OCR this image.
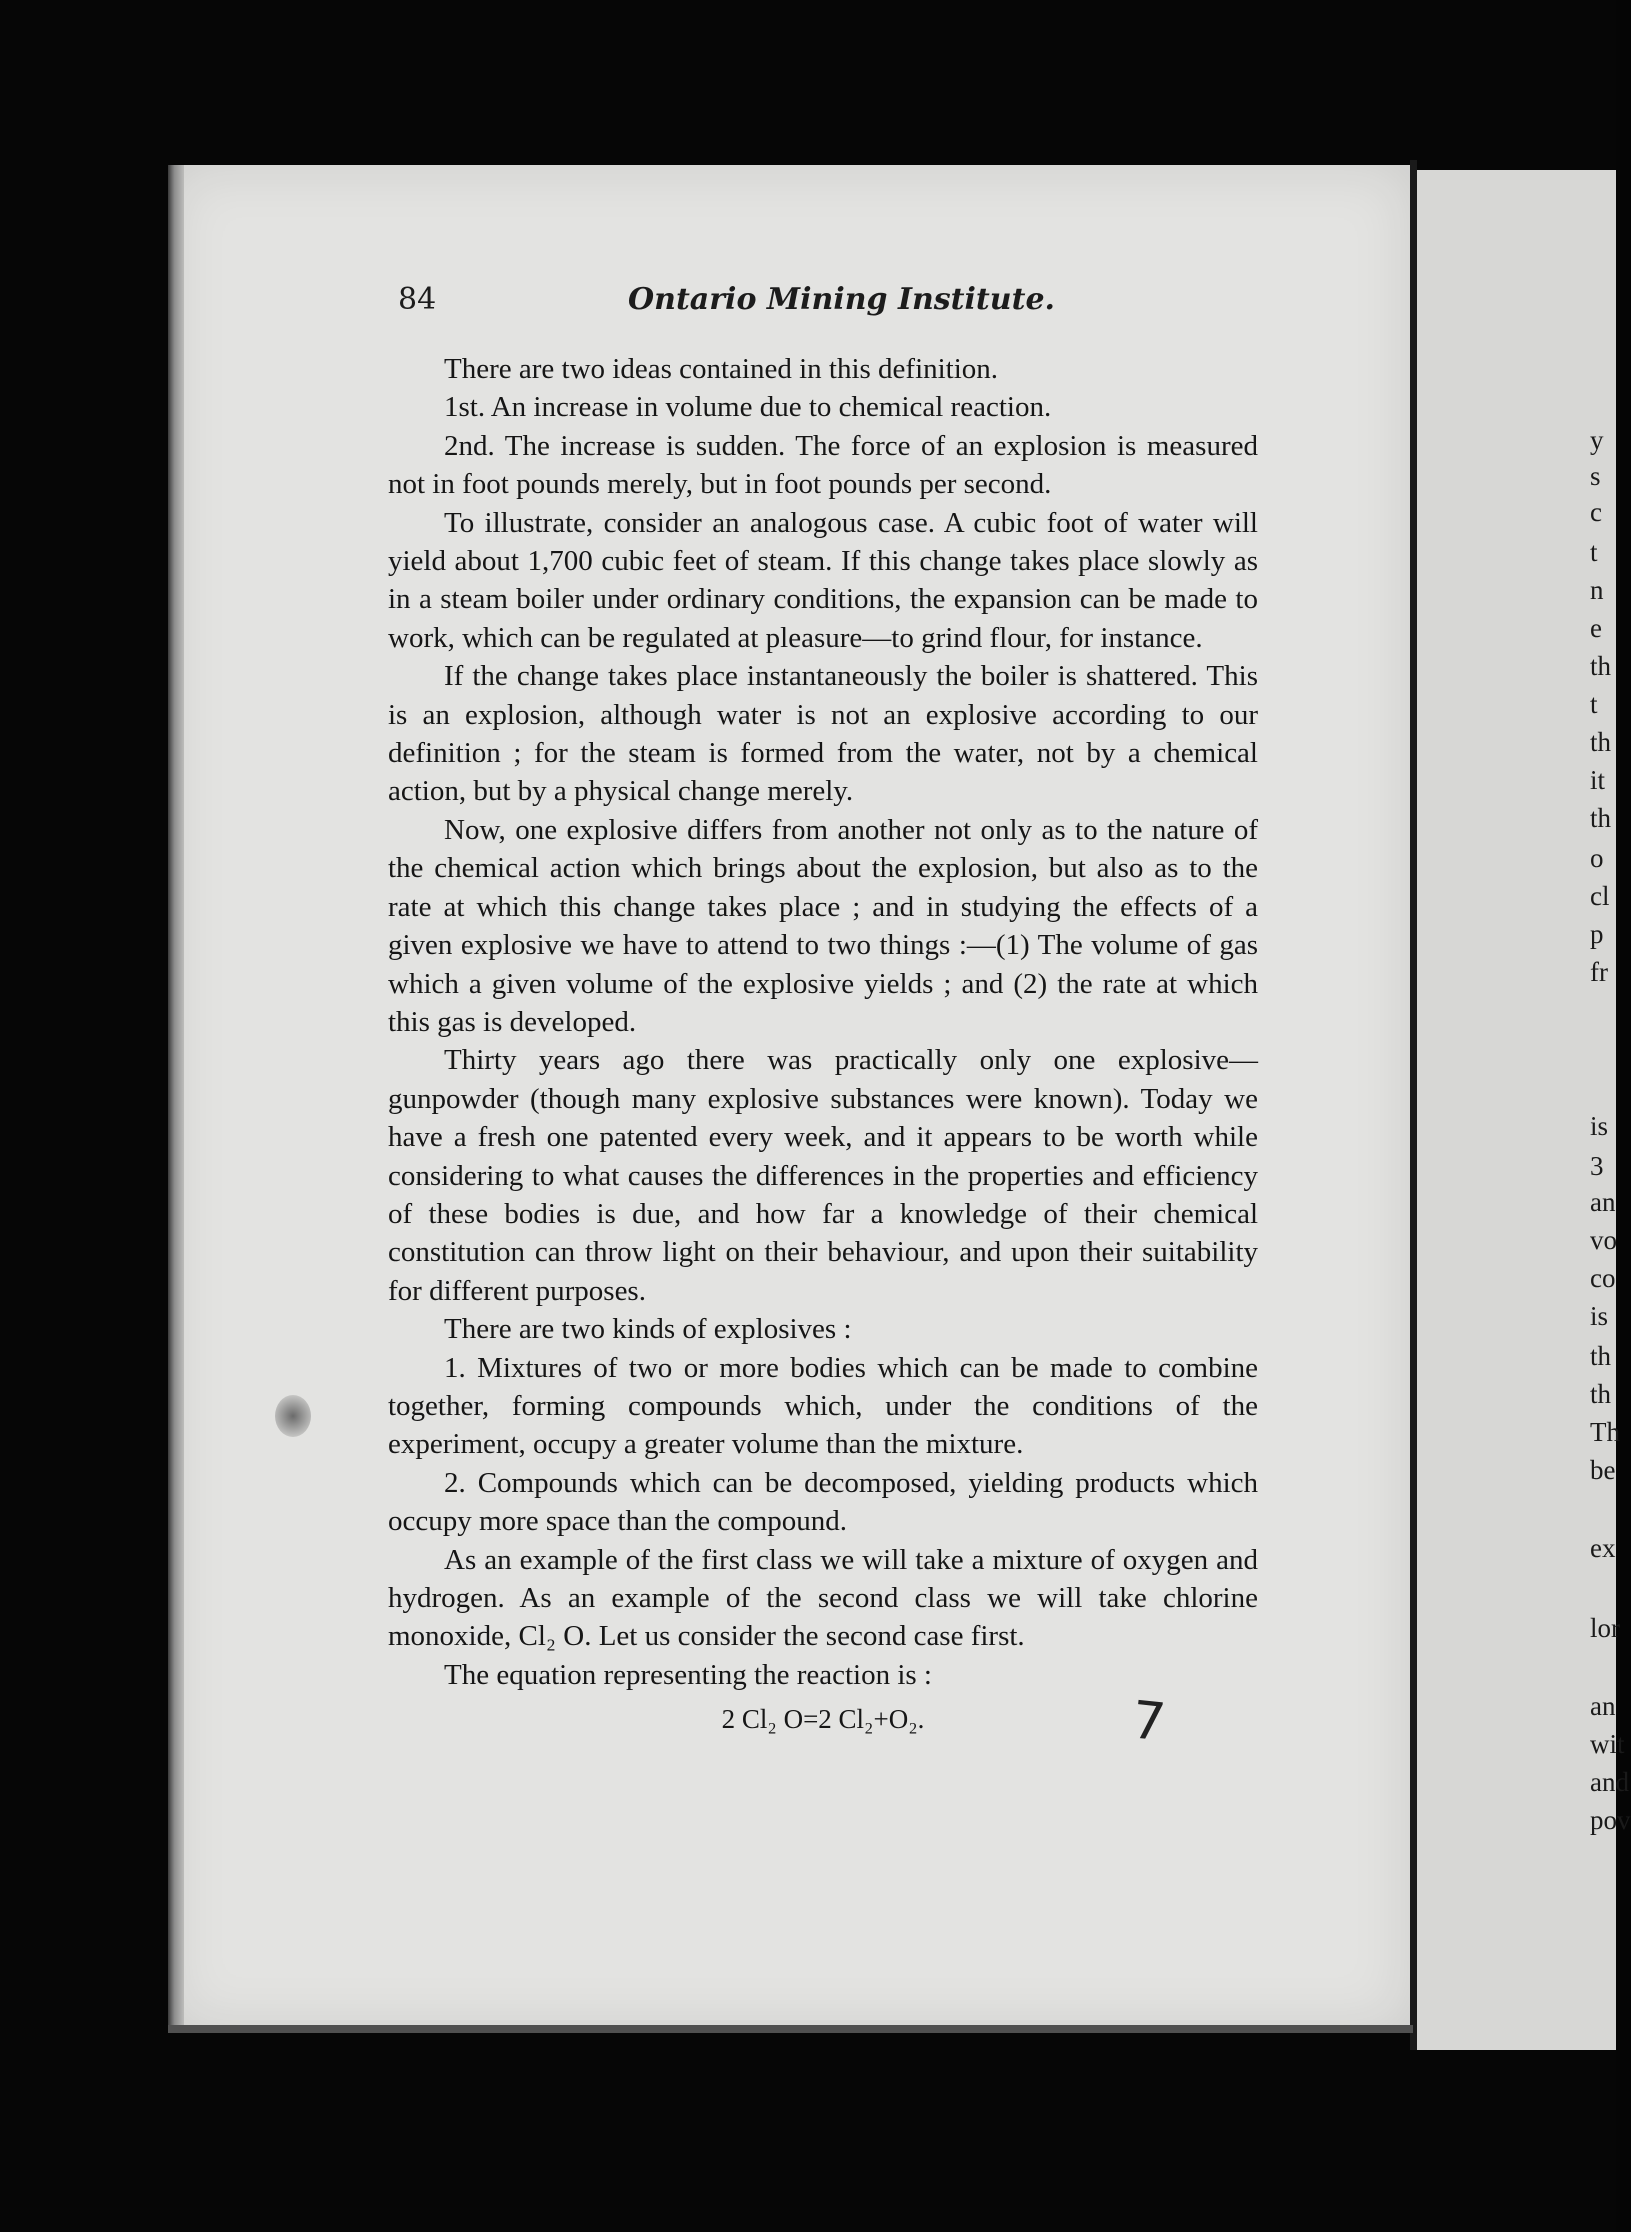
84	Ontario Mining Institute.

There are two ideas contained in this definition.

1st. An increase in volume due to chemical reaction.

2nd. The increase is sudden. The force of an explosion is measured not in foot pounds merely, but in foot pounds per second.

To illustrate, consider an analogous case. A cubic foot of water will yield about 1,700 cubic feet of steam. If this change takes place slowly as in a steam boiler under ordinary conditions, the expansion can be made to work, which can be regulated at pleasure—to grind flour, for instance.

If the change takes place instantaneously the boiler is shattered. This is an explosion, although water is not an explosive according to our definition ; for the steam is formed from the water, not by a chemical action, but by a physical change merely.

Now, one explosive differs from another not only as to the nature of the chemical action which brings about the explosion, but also as to the rate at which this change takes place ; and in studying the effects of a given explosive we have to attend to two things :—(1) The volume of gas which a given volume of the explosive yields ; and (2) the rate at which this gas is developed.

Thirty years ago there was practically only one explosive—gunpowder (though many explosive substances were known). Today we have a fresh one patented every week, and it appears to be worth while considering to what causes the differences in the properties and efficiency of these bodies is due, and how far a knowledge of their chemical constitution can throw light on their behaviour, and upon their suitability for different purposes.

There are two kinds of explosives :

1. Mixtures of two or more bodies which can be made to combine together, forming compounds which, under the conditions of the experiment, occupy a greater volume than the mixture.

2. Compounds which can be decomposed, yielding products which occupy more space than the compound.

As an example of the first class we will take a mixture of oxygen and hydrogen. As an example of the second class we will take chlorine monoxide, Cl₂ O. Let us consider the second case first.

The equation representing the reaction is :

2 Cl₂ O=2 Cl₂+O₂.

y
s
c
t
n
e
th
t
th
it
th
o
cl
p
fr
is
3
an
vo
co
is
th
th
Th
be
ex
lor
an
wit
and
pov
7
